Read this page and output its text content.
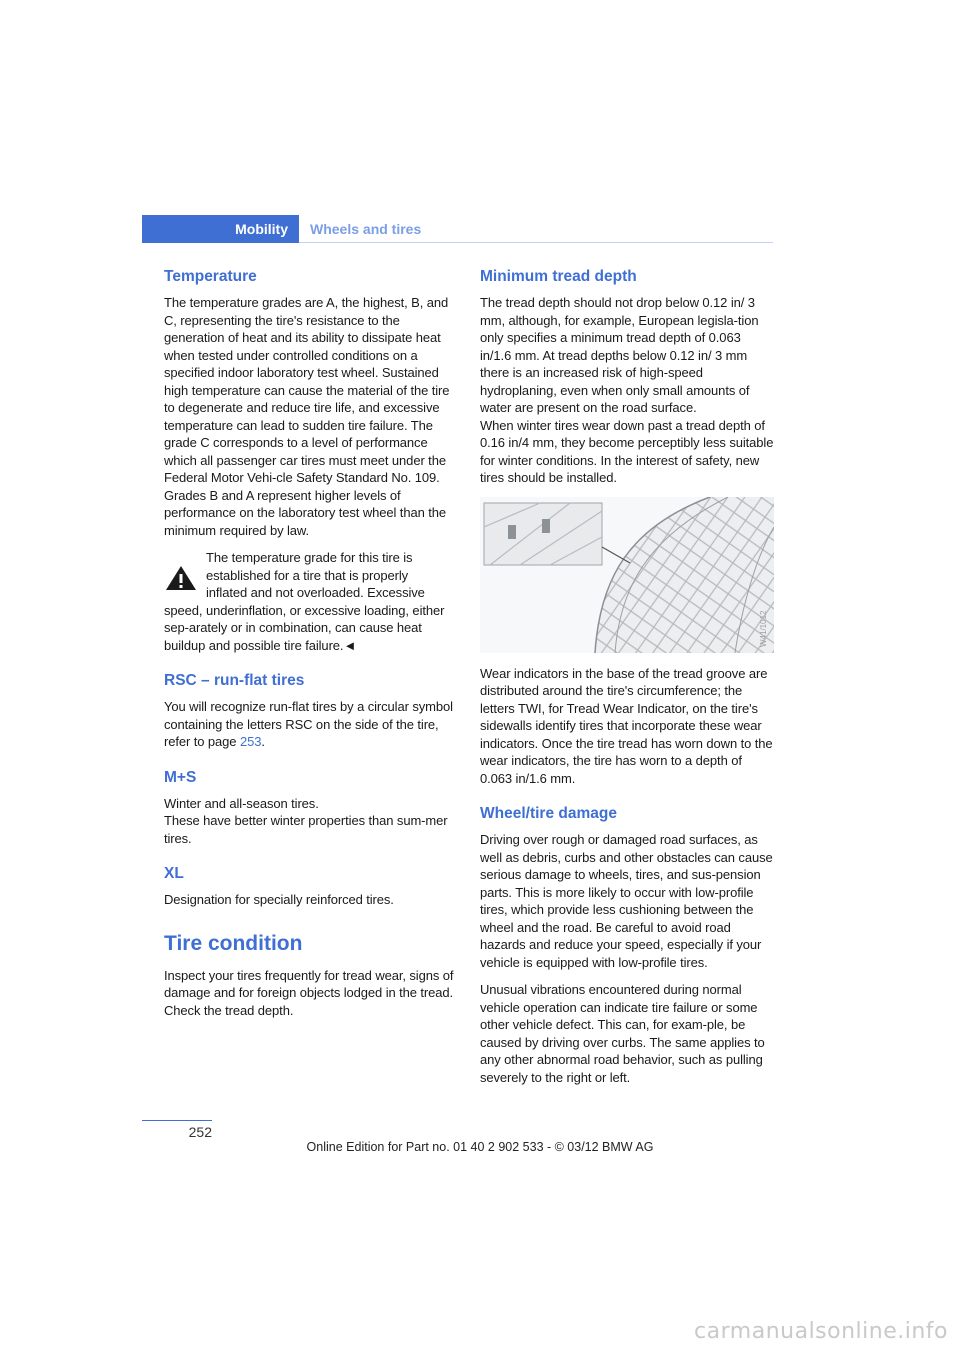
Mobility	Wheels and tires
Temperature

The temperature grades are A, the highest, B, and C, representing the tire's resistance to the generation of heat and its ability to dissipate heat when tested under controlled conditions on a specified indoor laboratory test wheel. Sustained high temperature can cause the material of the tire to degenerate and reduce tire life, and excessive temperature can lead to sudden tire failure. The grade C corresponds to a level of performance which all passenger car tires must meet under the Federal Motor Vehi-cle Safety Standard No. 109. Grades B and A represent higher levels of performance on the laboratory test wheel than the minimum required by law.

The temperature grade for this tire is established for a tire that is properly
inflated and not overloaded. Excessive speed, underinflation, or excessive loading, either sep-arately or in combination, can cause heat buildup and possible tire failure.◄

RSC – run-flat tires

You will recognize run-flat tires by a circular symbol containing the letters RSC on the side of the tire, refer to page 253.

M+S

Winter and all-season tires.

These have better winter properties than sum-mer tires.

XL

Designation for specially reinforced tires.

Tire condition

Inspect your tires frequently for tread wear, signs of damage and for foreign objects lodged in the tread. Check the tread depth.

Minimum tread depth

The tread depth should not drop below 0.12 in/ 3 mm, although, for example, European legisla-tion only specifies a minimum tread depth of 0.063 in/1.6 mm. At tread depths below 0.12 in/ 3 mm there is an increased risk of high-speed hydroplaning, even when only small amounts of water are present on the road surface.

When winter tires wear down past a tread depth of 0.16 in/4 mm, they become perceptibly less suitable for winter conditions. In the interest of safety, new tires should be installed.

W41/1012

Wear indicators in the base of the tread groove are distributed around the tire's circumference; the letters TWI, for Tread Wear Indicator, on the tire's sidewalls identify tires that incorporate these wear indicators. Once the tire tread has worn down to the wear indicators, the tire has worn to a depth of 0.063 in/1.6 mm.

Wheel/tire damage

Driving over rough or damaged road surfaces, as well as debris, curbs and other obstacles can cause serious damage to wheels, tires, and sus-pension parts. This is more likely to occur with low-profile tires, which provide less cushioning between the wheel and the road. Be careful to avoid road hazards and reduce your speed, especially if your vehicle is equipped with low-profile tires.

Unusual vibrations encountered during normal vehicle operation can indicate tire failure or some other vehicle defect. This can, for exam-ple, be caused by driving over curbs. The same applies to any other abnormal road behavior, such as pulling severely to the right or left.

252
Online Edition for Part no. 01 40 2 902 533 - © 03/12 BMW AG
carmanualsonline.info
